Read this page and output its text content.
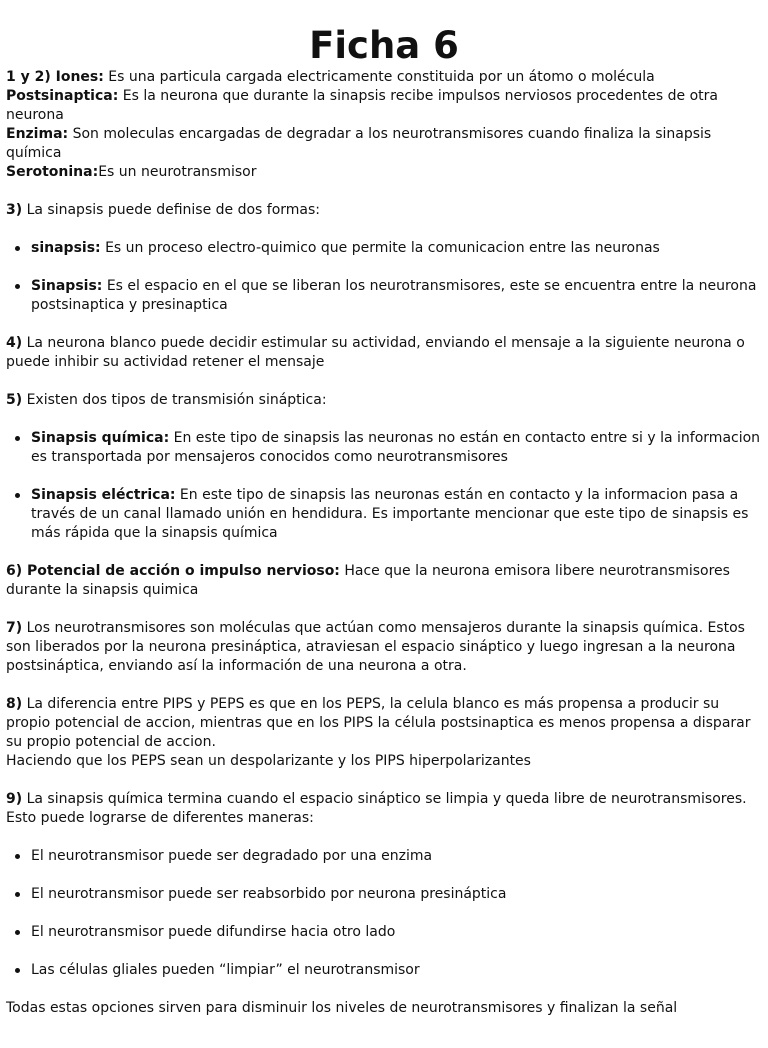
Ficha 6

1 y 2) Iones: Es una particula cargada electricamente constituida por un átomo o molécula

Postsinaptica: Es la neurona que durante la sinapsis recibe impulsos nerviosos procedentes de otra neurona

Enzima: Son moleculas encargadas de degradar a los neurotransmisores cuando finaliza la sinapsis química

Serotonina:Es un neurotransmisor

3) La sinapsis puede definise de dos formas:

sinapsis: Es un proceso electro-quimico que permite la comunicacion entre las neuronas
Sinapsis: Es el espacio en el que se liberan los neurotransmisores, este se encuentra entre la neurona postsinaptica y presinaptica

4) La neurona blanco puede decidir estimular su actividad, enviando el mensaje a la siguiente neurona o puede inhibir su actividad retener el mensaje

5) Existen dos tipos de transmisión sináptica:

Sinapsis química: En este tipo de sinapsis las neuronas no están en contacto entre si y la informacion es transportada por mensajeros conocidos como neurotransmisores
Sinapsis eléctrica: En este tipo de sinapsis las neuronas están en contacto y la informacion pasa a través de un canal llamado unión en hendidura. Es importante mencionar que este tipo de sinapsis es más rápida que la sinapsis química

6) Potencial de acción o impulso nervioso: Hace que la neurona emisora libere neurotransmisores durante la sinapsis quimica

7) Los neurotransmisores son moléculas que actúan como mensajeros durante la sinapsis química. Estos son liberados por la neurona presináptica, atraviesan el espacio sináptico y luego ingresan a la neurona postsináptica, enviando así la información de una neurona a otra.

8) La diferencia entre PIPS y PEPS es que en los PEPS, la celula blanco es más propensa a producir su propio potencial de accion, mientras que en los PIPS la célula postsinaptica es menos propensa a disparar su propio potencial de accion.

Haciendo que los PEPS sean un despolarizante y los PIPS hiperpolarizantes

9) La sinapsis química termina cuando el espacio sináptico se limpia y queda libre de neurotransmisores.

Esto puede lograrse de diferentes maneras:

El neurotransmisor puede ser degradado por una enzima
El neurotransmisor puede ser reabsorbido por neurona presináptica
El neurotransmisor puede difundirse hacia otro lado
Las células gliales pueden “limpiar” el neurotransmisor

Todas estas opciones sirven para disminuir los niveles de neurotransmisores y finalizan la señal
